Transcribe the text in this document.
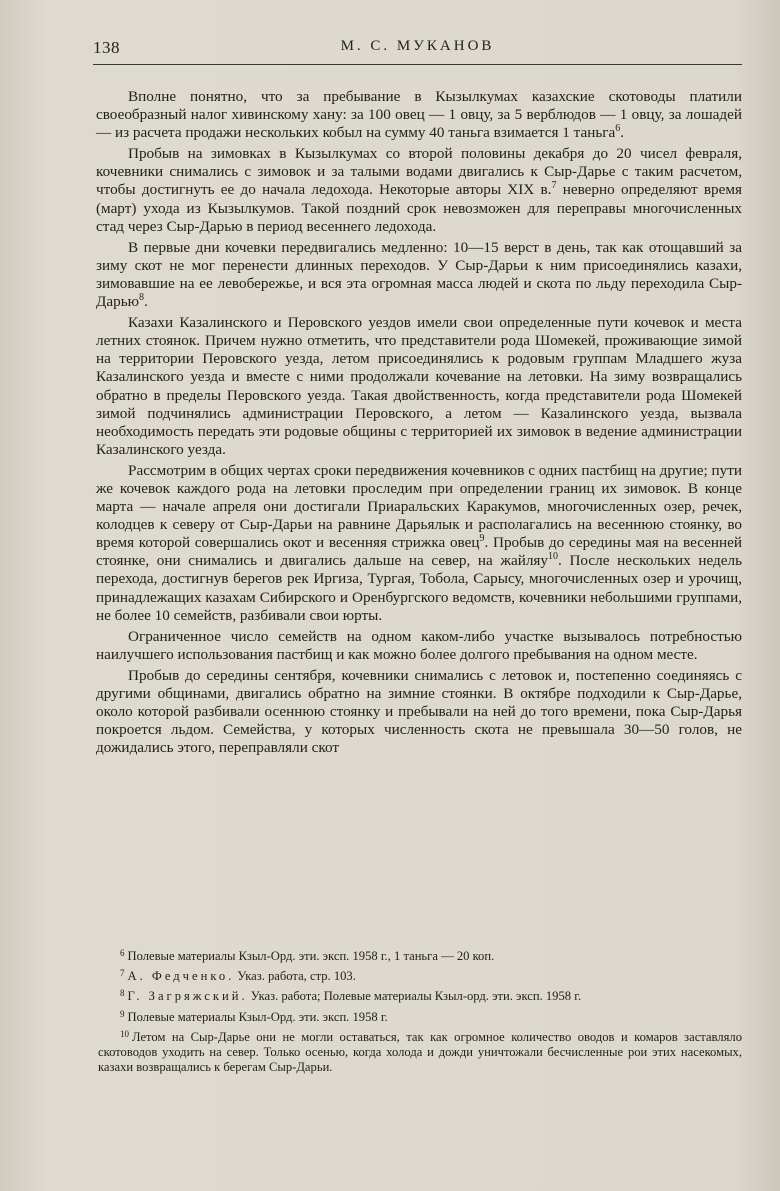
138	М. С. МУКАНОВ

Вполне понятно, что за пребывание в Кызылкумах казахские скотоводы платили своеобразный налог хивинскому хану: за 100 овец — 1 овцу, за 5 верблюдов — 1 овцу, за лошадей — из расчета продажи нескольких кобыл на сумму 40 таньга взимается 1 таньга$^6$.

Пробыв на зимовках в Кызылкумах со второй половины декабря до 20 чисел февраля, кочевники снимались с зимовок и за талыми водами двигались к Сыр-Дарье с таким расчетом, чтобы достигнуть ее до начала ледохода. Некоторые авторы XIX в.$^7$ неверно определяют время (март) ухода из Кызылкумов. Такой поздний срок невозможен для переправы многочисленных стад через Сыр-Дарью в период весеннего ледохода.

В первые дни кочевки передвигались медленно: 10—15 верст в день, так как отощавший за зиму скот не мог перенести длинных переходов. У Сыр-Дарьи к ним присоединялись казахи, зимовавшие на ее левобережье, и вся эта огромная масса людей и скота по льду переходила Сыр-Дарью$^8$.

Казахи Казалинского и Перовского уездов имели свои определенные пути кочевок и места летних стоянок. Причем нужно отметить, что представители рода Шомекей, проживающие зимой на территории Перовского уезда, летом присоединялись к родовым группам Младшего жуза Казалинского уезда и вместе с ними продолжали кочевание на летовки. На зиму возвращались обратно в пределы Перовского уезда. Такая двойственность, когда представители рода Шомекей зимой подчинялись администрации Перовского, а летом — Казалинского уезда, вызвала необходимость передать эти родовые общины с территорией их зимовок в ведение администрации Казалинского уезда.

Рассмотрим в общих чертах сроки передвижения кочевников с одних пастбищ на другие; пути же кочевок каждого рода на летовки проследим при определении границ их зимовок. В конце марта — начале апреля они достигали Приаральских Каракумов, многочисленных озер, речек, колодцев к северу от Сыр-Дарьи на равнине Дарьялык и располагались на весеннюю стоянку, во время которой совершались окот и весенняя стрижка овец$^9$. Пробыв до середины мая на весенней стоянке, они снимались и двигались дальше на север, на жайляу$^{10}$. После нескольких недель перехода, достигнув берегов рек Иргиза, Тургая, Тобола, Сарысу, многочисленных озер и урочищ, принадлежащих казахам Сибирского и Оренбургского ведомств, кочевники небольшими группами, не более 10 семейств, разбивали свои юрты.

Ограниченное число семейств на одном каком-либо участке вызывалось потребностью наилучшего использования пастбищ и как можно более долгого пребывания на одном месте.

Пробыв до середины сентября, кочевники снимались с летовок и, постепенно соединяясь с другими общинами, двигались обратно на зимние стоянки. В октябре подходили к Сыр-Дарье, около которой разбивали осеннюю стоянку и пребывали на ней до того времени, пока Сыр-Дарья покроется льдом. Семейства, у которых численность скота не превышала 30—50 голов, не дожидались этого, переправляли скот

$^6$ Полевые материалы Кзыл-Орд. эти. эксп. 1958 г., 1 таньга — 20 коп.

$^7$ А. Федченко. Указ. работа, стр. 103.

$^8$ Г. Загряжский. Указ. работа; Полевые материалы Кзыл-орд. эти. эксп. 1958 г.

$^9$ Полевые материалы Кзыл-Орд. эти. эксп. 1958 г.

$^{10}$ Летом на Сыр-Дарье они не могли оставаться, так как огромное количество оводов и комаров заставляло скотоводов уходить на север. Только осенью, когда холода и дожди уничтожали бесчисленные рои этих насекомых, казахи возвращались к берегам Сыр-Дарьи.
